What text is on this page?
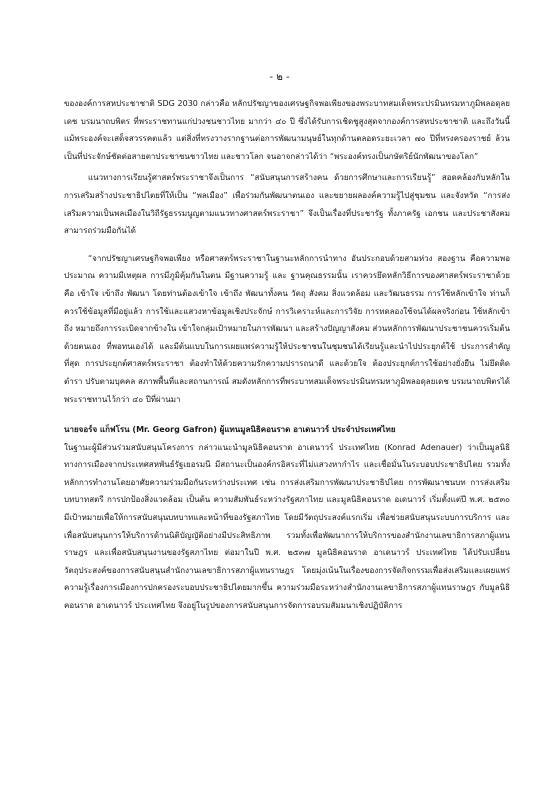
- ๒ -

ขององค์การสหประชาชาติ SDG 2030 กล่าวคือ หลักปรัชญาของเศรษฐกิจพอเพียงของพระบาทสมเด็จพระปรมินทรมหาภูมิพลอดุลยเดช บรมนาถบพิตร ที่พระราชทานแก่ปวงชนชาวไทย มากว่า ๔๐ ปี ซึ่งได้รับการเชิดชูสูงสุดจากองค์การสหประชาชาติ และถึงวันนี้แม้พระองค์จะเสด็จสวรรคตแล้ว แต่สิ่งที่ทรงวางรากฐานต่อการพัฒนามนุษย์ในทุกด้านตลอดระยะเวลา ๗๐ ปีที่ทรงครองราชย์ ล้วนเป็นที่ประจักษ์ชัดต่อสายตาประชาชนชาวไทย และชาวโลก จนอาจกล่าวได้ว่า “พระองค์ทรงเป็นกษัตริย์นักพัฒนาของโลก”

แนวทางการเรียนรู้ศาสตร์พระราชาจึงเป็นการ “สนับสนุนการสร้างคน ด้วยการศึกษาและการเรียนรู้” สอดคล้องกับหลักในการเสริมสร้างประชาธิปไตยที่ให้เป็น “พลเมือง” เพื่อร่วมกันพัฒนาตนเอง และขยายผลองค์ความรู้ไปสู่ชุมชน และจังหวัด “การส่งเสริมความเป็นพลเมืองในวิถีรัฐธรรมนูญตามแนวทางศาสตร์พระราชา” จึงเป็นเรื่องที่ประชารัฐ ทั้งภาครัฐ เอกชน และประชาสังคม สามารถร่วมมือกันได้

“จากปรัชญาเศรษฐกิจพอเพียง หรือศาสตร์พระราชาในฐานะหลักการนำทาง อันประกอบด้วยสามห่วง สองฐาน คือความพอประมาณ ความมีเหตุผล การมีภูมิคุ้มกันในตน มีฐานความรู้ และ ฐานคุณธรรมนั้น เราควรยึดหลักวิธีการของศาสตร์พระราชาด้วย คือ เข้าใจ เข้าถึง พัฒนา โดยท่านต้องเข้าใจ เข้าถึง พัฒนาทั้งคน วัตถุ สังคม สิ่งแวดล้อม และวัฒนธรรม การใช้หลักเข้าใจ ท่านก็ควรใช้ข้อมูลที่มีอยู่แล้ว การใช้และแสวงหาข้อมูลเชิงประจักษ์ การวิเคราะห์และการวิจัย การทดลองใช้จนได้ผลจริงก่อน ใช้หลักเข้าถึง หมายถึงการระเบิดจากข้างใน เข้าใจกลุ่มเป้าหมายในการพัฒนา และสร้างปัญญาสังคม ส่วนหลักการพัฒนาประชาชนควรเริ่มต้นด้วยตนเอง ที่พอทนเองได้ และมีต้นแบบในการเผยแพร่ความรู้ให้ประชาชนในชุมชนได้เรียนรู้และนำไปประยุกต์ใช้ ประการสำคัญที่สุด การประยุกต์ศาสตร์พระราชา ต้องทำให้ด้วยความรักความปรารถนาดี และด้วยใจ ต้องประยุกต์การใช้อย่างยั่งยืน ไม่ยึดติดตำรา ปรับตามบุคคล สภาพพื้นที่และสถานการณ์ สมดังหลักการที่พระบาทสมเด็จพระปรมินทรมหาภูมิพลอดุลยเดช บรมนาถบพิตรได้พระราชทานไว้กว่า ๔๐ ปีที่ผ่านมา

นายจอร์จ แก็ฟโรน (Mr. Georg Gafron) ผู้แทนมูลนิธิคอนราด อาเดนาวร์ ประจำประเทศไทย

ในฐานะผู้มีส่วนร่วมสนับสนุนโครงการ กล่าวแนะนำมูลนิธิคอนราด อาเดนาวร์ ประเทศไทย (Konrad Adenauer) ว่าเป็นมูลนิธิทางการเมืองจากประเทศสหพันธ์รัฐเยอรมนี มีสถานะเป็นองค์กรอิสระที่ไม่แสวงหากำไร และเชื่อมั่นในระบอบประชาธิปไตย รวมทั้งหลักการทำงานโดยอาศัยความร่วมมือกันระหว่างประเทศ เช่น การส่งเสริมการพัฒนาประชาธิปไตย การพัฒนาชนบท การส่งเสริมบทบาทสตรี การปกป้องสิ่งแวดล้อม เป็นต้น ความสัมพันธ์ระหว่างรัฐสภาไทย และมูลนิธิคอนราด อเดนาวร์ เริ่มตั้งแต่ปี พ.ศ. ๒๕๓๐ มีเป้าหมายเพื่อให้การสนับสนุนบทบาทและหน้าที่ของรัฐสภาไทย โดยมีวัตถุประสงค์แรกเริ่ม เพื่อช่วยสนับสนุนระบบการบริการ และเพื่อสนับสนุนการให้บริการด้านนิติบัญญัติอย่างมีประสิทธิภาพ รวมทั้งเพื่อพัฒนาการให้บริการของสำนักงานเลขาธิการสภาผู้แทนราษฎร และเพื่อสนับสนุนงานของรัฐสภาไทย ต่อมาในปี พ.ศ. ๒๕๓๗ มูลนิธิคอนราด อาเดนาวร์ ประเทศไทย ได้ปรับเปลี่ยนวัตถุประสงค์ของการสนับสนุนสำนักงานเลขาธิการสภาผู้แทนราษฎร โดยมุ่งเน้นในเรื่องของการจัดกิจกรรมเพื่อส่งเสริมและเผยแพร่ความรู้เรื่องการเมืองการปกครองระบอบประชาธิปไตยมากขึ้น ความร่วมมือระหว่างสำนักงานเลขาธิการสภาผู้แทนราษฎร กับมูลนิธิคอนราด อาเดนาวร์ ประเทศไทย จึงอยู่ในรูปของการสนับสนุนการจัดการอบรมสัมมนาเชิงปฏิบัติการ
